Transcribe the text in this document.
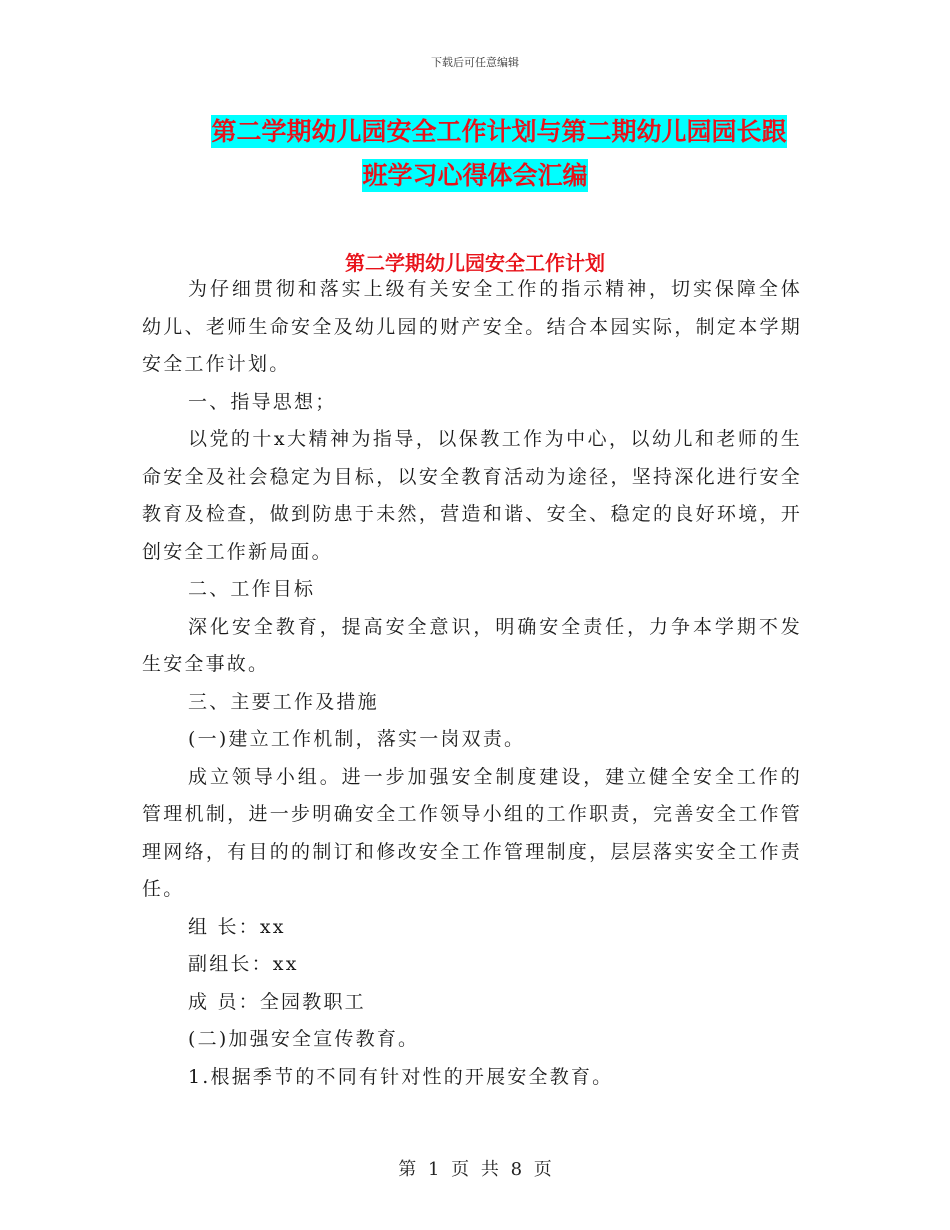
下载后可任意编辑
第二学期幼儿园安全工作计划与第二期幼儿园园长跟
班学习心得体会汇编
第二学期幼儿园安全工作计划

为仔细贯彻和落实上级有关安全工作的指示精神，切实保障全体幼儿、老师生命安全及幼儿园的财产安全。结合本园实际，制定本学期安全工作计划。

一、指导思想；

以党的十x大精神为指导，以保教工作为中心，以幼儿和老师的生命安全及社会稳定为目标，以安全教育活动为途径，坚持深化进行安全教育及检查，做到防患于未然，营造和谐、安全、稳定的良好环境，开创安全工作新局面。

二、工作目标

深化安全教育，提高安全意识，明确安全责任，力争本学期不发生安全事故。

三、主要工作及措施

(一)建立工作机制，落实一岗双责。

成立领导小组。进一步加强安全制度建设，建立健全安全工作的管理机制，进一步明确安全工作领导小组的工作职责，完善安全工作管理网络，有目的的制订和修改安全工作管理制度，层层落实安全工作责任。

组 长：xx

副组长：xx

成 员：全园教职工

(二)加强安全宣传教育。

1.根据季节的不同有针对性的开展安全教育。

第 1 页 共 8 页
